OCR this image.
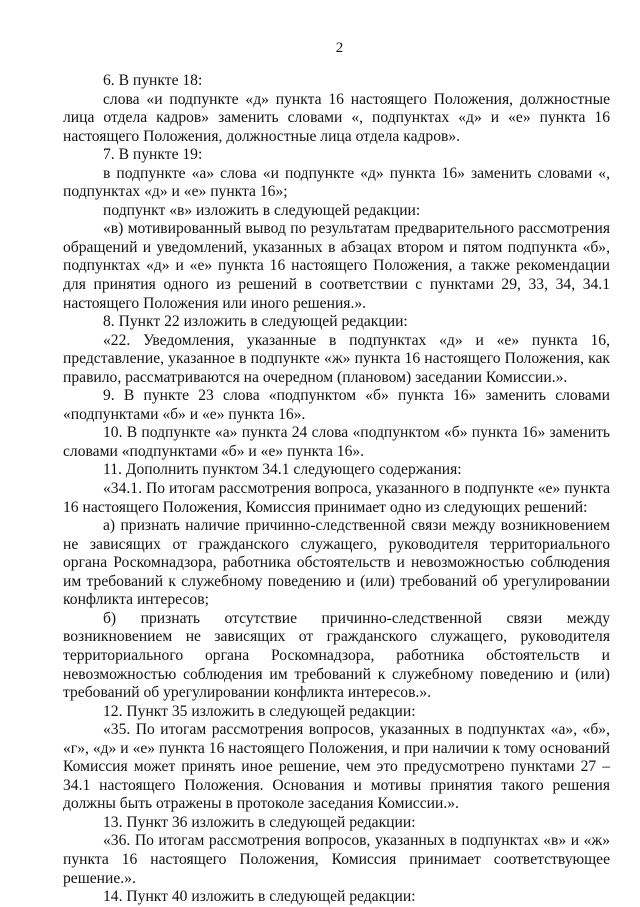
2

6. В пункте 18:

слова «и подпункте «д» пункта 16 настоящего Положения, должностные лица отдела кадров» заменить словами «, подпунктах «д» и «е» пункта 16 настоящего Положения, должностные лица отдела кадров».

7. В пункте 19:

в подпункте «а» слова «и подпункте «д» пункта 16» заменить словами «, подпунктах «д» и «е» пункта 16»;

подпункт «в» изложить в следующей редакции:

«в) мотивированный вывод по результатам предварительного рассмотрения обращений и уведомлений, указанных в абзацах втором и пятом подпункта «б», подпунктах «д» и «е» пункта 16 настоящего Положения, а также рекомендации для принятия одного из решений в соответствии с пунктами 29, 33, 34, 34.1 настоящего Положения или иного решения.».

8. Пункт 22 изложить в следующей редакции:

«22. Уведомления, указанные в подпунктах «д» и «е» пункта 16, представление, указанное в подпункте «ж» пункта 16 настоящего Положения, как правило, рассматриваются на очередном (плановом) заседании Комиссии.».

9. В пункте 23 слова «подпунктом «б» пункта 16» заменить словами «подпунктами «б» и «е» пункта 16».

10. В подпункте «а» пункта 24 слова «подпунктом «б» пункта 16» заменить словами «подпунктами «б» и «е» пункта 16».

11. Дополнить пунктом 34.1 следующего содержания:

«34.1. По итогам рассмотрения вопроса, указанного в подпункте «е» пункта 16 настоящего Положения, Комиссия принимает одно из следующих решений:

а) признать наличие причинно-следственной связи между возникновением не зависящих от гражданского служащего, руководителя территориального органа Роскомнадзора, работника обстоятельств и невозможностью соблюдения им требований к служебному поведению и (или) требований об урегулировании конфликта интересов;

б) признать отсутствие причинно-следственной связи между возникновением не зависящих от гражданского служащего, руководителя территориального органа Роскомнадзора, работника обстоятельств и невозможностью соблюдения им требований к служебному поведению и (или) требований об урегулировании конфликта интересов.».

12. Пункт 35 изложить в следующей редакции:

«35. По итогам рассмотрения вопросов, указанных в подпунктах «а», «б», «г», «д» и «е» пункта 16 настоящего Положения, и при наличии к тому оснований Комиссия может принять иное решение, чем это предусмотрено пунктами 27 – 34.1 настоящего Положения. Основания и мотивы принятия такого решения должны быть отражены в протоколе заседания Комиссии.».

13. Пункт 36 изложить в следующей редакции:

«36. По итогам рассмотрения вопросов, указанных в подпунктах «в» и «ж» пункта 16 настоящего Положения, Комиссия принимает соответствующее решение.».

14. Пункт 40 изложить в следующей редакции:
